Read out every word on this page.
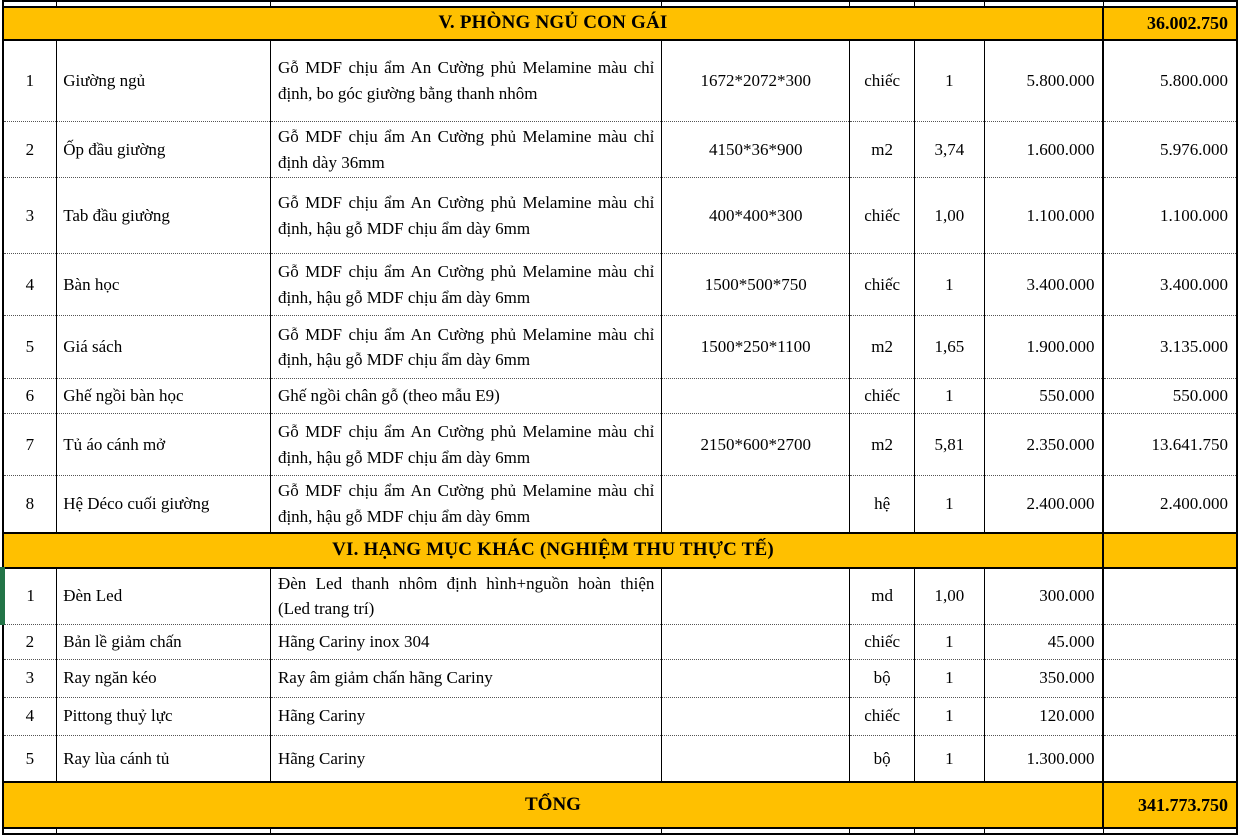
V. PHÒNG NGỦ CON GÁI							36.002.750
1	Giường ngủ	Gỗ MDF chịu ẩm An Cường phủ Melamine màu chỉ định, bo góc giường bằng thanh nhôm	1672*2072*300	chiếc	1	5.800.000	5.800.000
2	Ốp đầu giường	Gỗ MDF chịu ẩm An Cường phủ Melamine màu chỉ định dày 36mm	4150*36*900	m2	3,74	1.600.000	5.976.000
3	Tab đầu giường	Gỗ MDF chịu ẩm An Cường phủ Melamine màu chỉ định, hậu gỗ MDF chịu ẩm dày 6mm	400*400*300	chiếc	1,00	1.100.000	1.100.000
4	Bàn học	Gỗ MDF chịu ẩm An Cường phủ Melamine màu chỉ định, hậu gỗ MDF chịu ẩm dày 6mm	1500*500*750	chiếc	1	3.400.000	3.400.000
5	Giá sách	Gỗ MDF chịu ẩm An Cường phủ Melamine màu chỉ định, hậu gỗ MDF chịu ẩm dày 6mm	1500*250*1100	m2	1,65	1.900.000	3.135.000
6	Ghế ngồi bàn học	Ghế ngồi chân gỗ (theo mẫu E9)		chiếc	1	550.000	550.000
7	Tủ áo cánh mở	Gỗ MDF chịu ẩm An Cường phủ Melamine màu chỉ định, hậu gỗ MDF chịu ẩm dày 6mm	2150*600*2700	m2	5,81	2.350.000	13.641.750
8	Hệ Déco cuối giường	Gỗ MDF chịu ẩm An Cường phủ Melamine màu chỉ định, hậu gỗ MDF chịu ẩm dày 6mm		hệ	1	2.400.000	2.400.000
VI. HẠNG MỤC KHÁC (NGHIỆM THU THỰC TẾ)							
1	Đèn Led	Đèn Led thanh nhôm định hình+nguồn hoàn thiện (Led trang trí)		md	1,00	300.000	
2	Bản lề giảm chấn	Hãng Cariny inox 304		chiếc	1	45.000	
3	Ray ngăn kéo	Ray âm giảm chấn hãng Cariny		bộ	1	350.000	
4	Pittong thuỷ lực	Hãng Cariny		chiếc	1	120.000	
5	Ray lùa cánh tủ	Hãng Cariny		bộ	1	1.300.000	
TỔNG							341.773.750
